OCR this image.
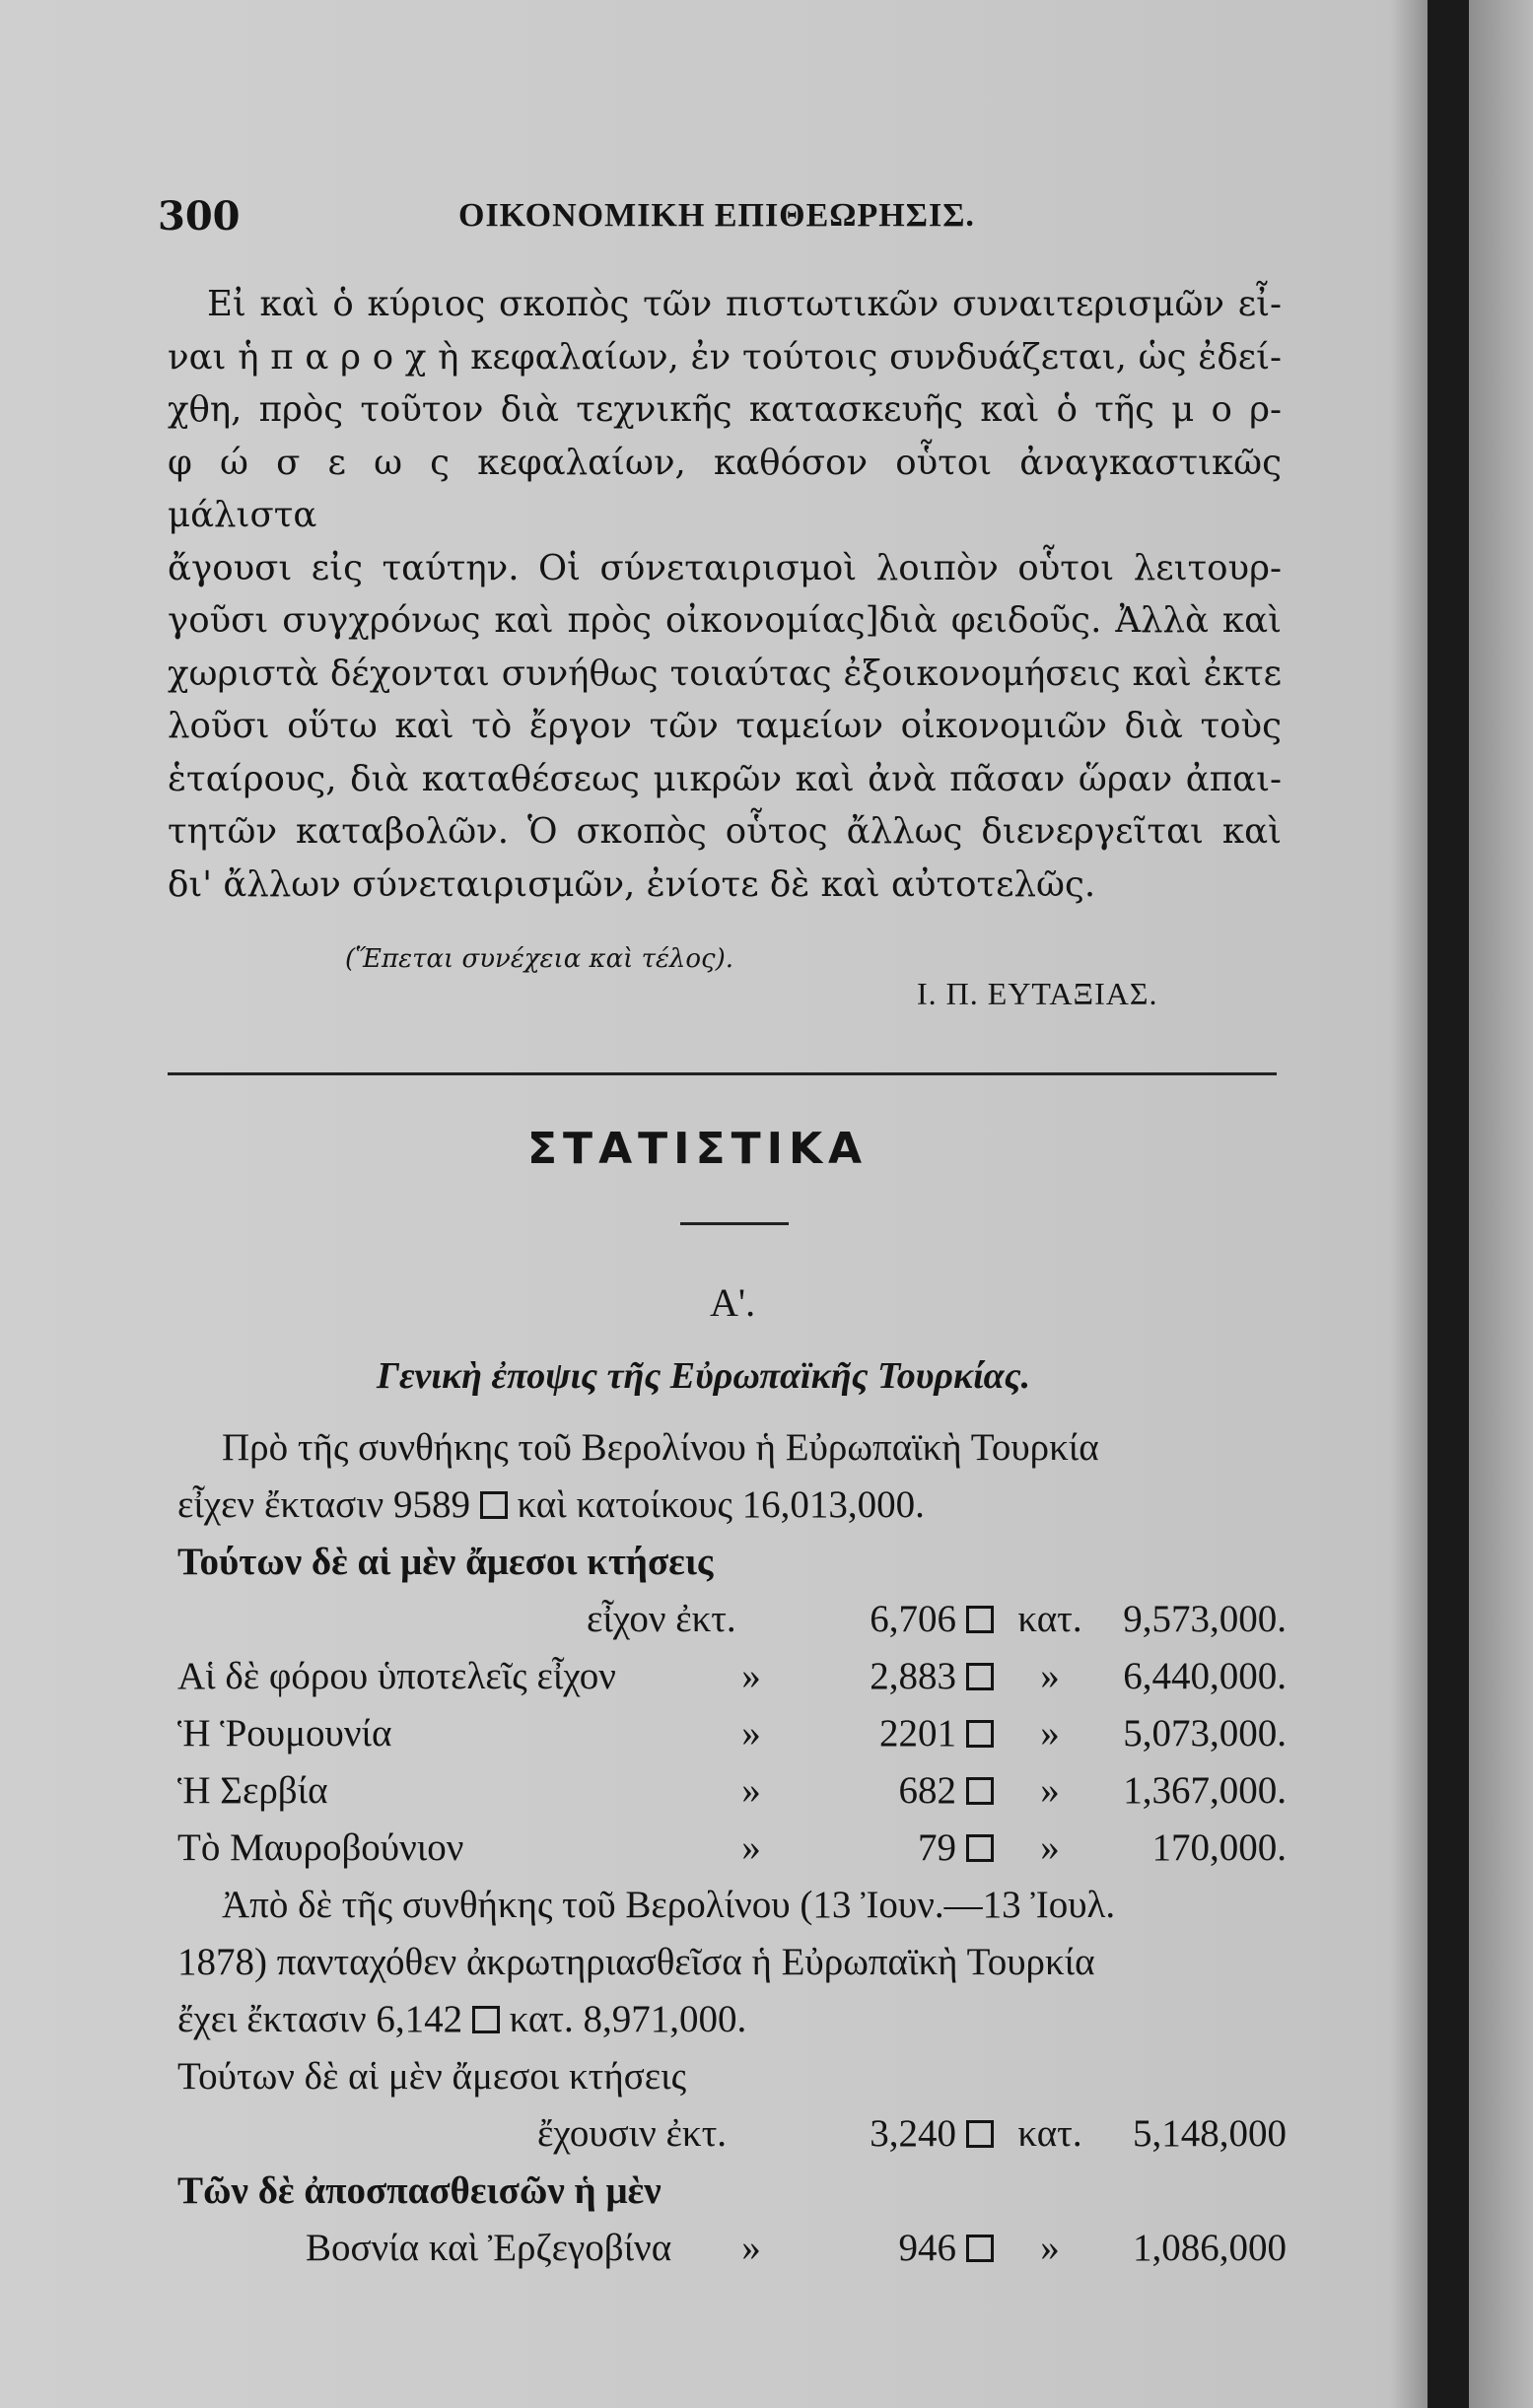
300	ΟΙΚΟΝΟΜΙΚΗ ΕΠΙΘΕΩΡΗΣΙΣ.

Εἰ καὶ ὁ κύριος σκοπὸς τῶν πιστωτικῶν συναιτερισμῶν εἶ-

ναι ἡ π α ρ ο χ ὴ κεφαλαίων, ἐν τούτοις συνδυάζεται, ὡς ἐδεί-

χθη, πρὸς τοῦτον διὰ τεχνικῆς κατασκευῆς καὶ ὁ τῆς μ ο ρ-

φ ώ σ ε ω ς κεφαλαίων, καθόσον οὗτοι ἀναγκαστικῶς μάλιστα

ἄγουσι εἰς ταύτην. Οἱ σύνεταιρισμοὶ λοιπὸν οὗτοι λειτουρ-

γοῦσι συγχρόνως καὶ πρὸς οἰκονομίας]διὰ φειδοῦς. Ἀλλὰ καὶ

χωριστὰ δέχονται συνήθως τοιαύτας ἐξοικονομήσεις καὶ ἐκτε

λοῦσι οὕτω καὶ τὸ ἔργον τῶν ταμείων οἰκονομιῶν διὰ τοὺς

ἑταίρους, διὰ καταθέσεως μικρῶν καὶ ἀνὰ πᾶσαν ὥραν ἀπαι-

τητῶν καταβολῶν. Ὁ σκοπὸς οὗτος ἄλλως διενεργεῖται καὶ

δι' ἄλλων σύνεταιρισμῶν, ἐνίοτε δὲ καὶ αὐτοτελῶς.

(Ἕπεται συνέχεια καὶ τέλος).
Ι. Π. ΕΥΤΑΞΙΑΣ.
ΣΤΑΤΙΣΤΙΚΑ
Α'.
Γενικὴ ἐποψις τῆς Εὐρωπαϊκῆς Τουρκίας.
Πρὸ τῆς συνθήκης τοῦ Βερολίνου ἡ Εὐρωπαϊκὴ Τουρκία
εἶχεν ἔκτασιν 9589 καὶ κατοίκους 16,013,000.
Τούτων δὲ αἱ μὲν ἄμεσοι κτήσεις
εἶχον ἐκτ.	6,706	κατ.	9,573,000.
Αἱ δὲ φόρου ὑποτελεῖς εἶχον	»	2,883	»	6,440,000.
Ἡ Ῥουμουνία	»	2201	»	5,073,000.
Ἡ Σερβία	»	682	»	1,367,000.
Τὸ Μαυροβούνιον	»	79	»	170,000.
Ἀπὸ δὲ τῆς συνθήκης τοῦ Βερολίνου (13 Ἰουν.—13 Ἰουλ.
1878) πανταχόθεν ἀκρωτηριασθεῖσα ἡ Εὐρωπαϊκὴ Τουρκία
ἔχει ἔκτασιν 6,142 κατ. 8,971,000.
Τούτων δὲ αἱ μὲν ἄμεσοι κτήσεις
ἔχουσιν ἐκτ.	3,240	κατ.	5,148,000
Τῶν δὲ ἀποσπασθεισῶν ἡ μὲν
Βοσνία καὶ Ἐρζεγοβίνα »	946	»	1,086,000
